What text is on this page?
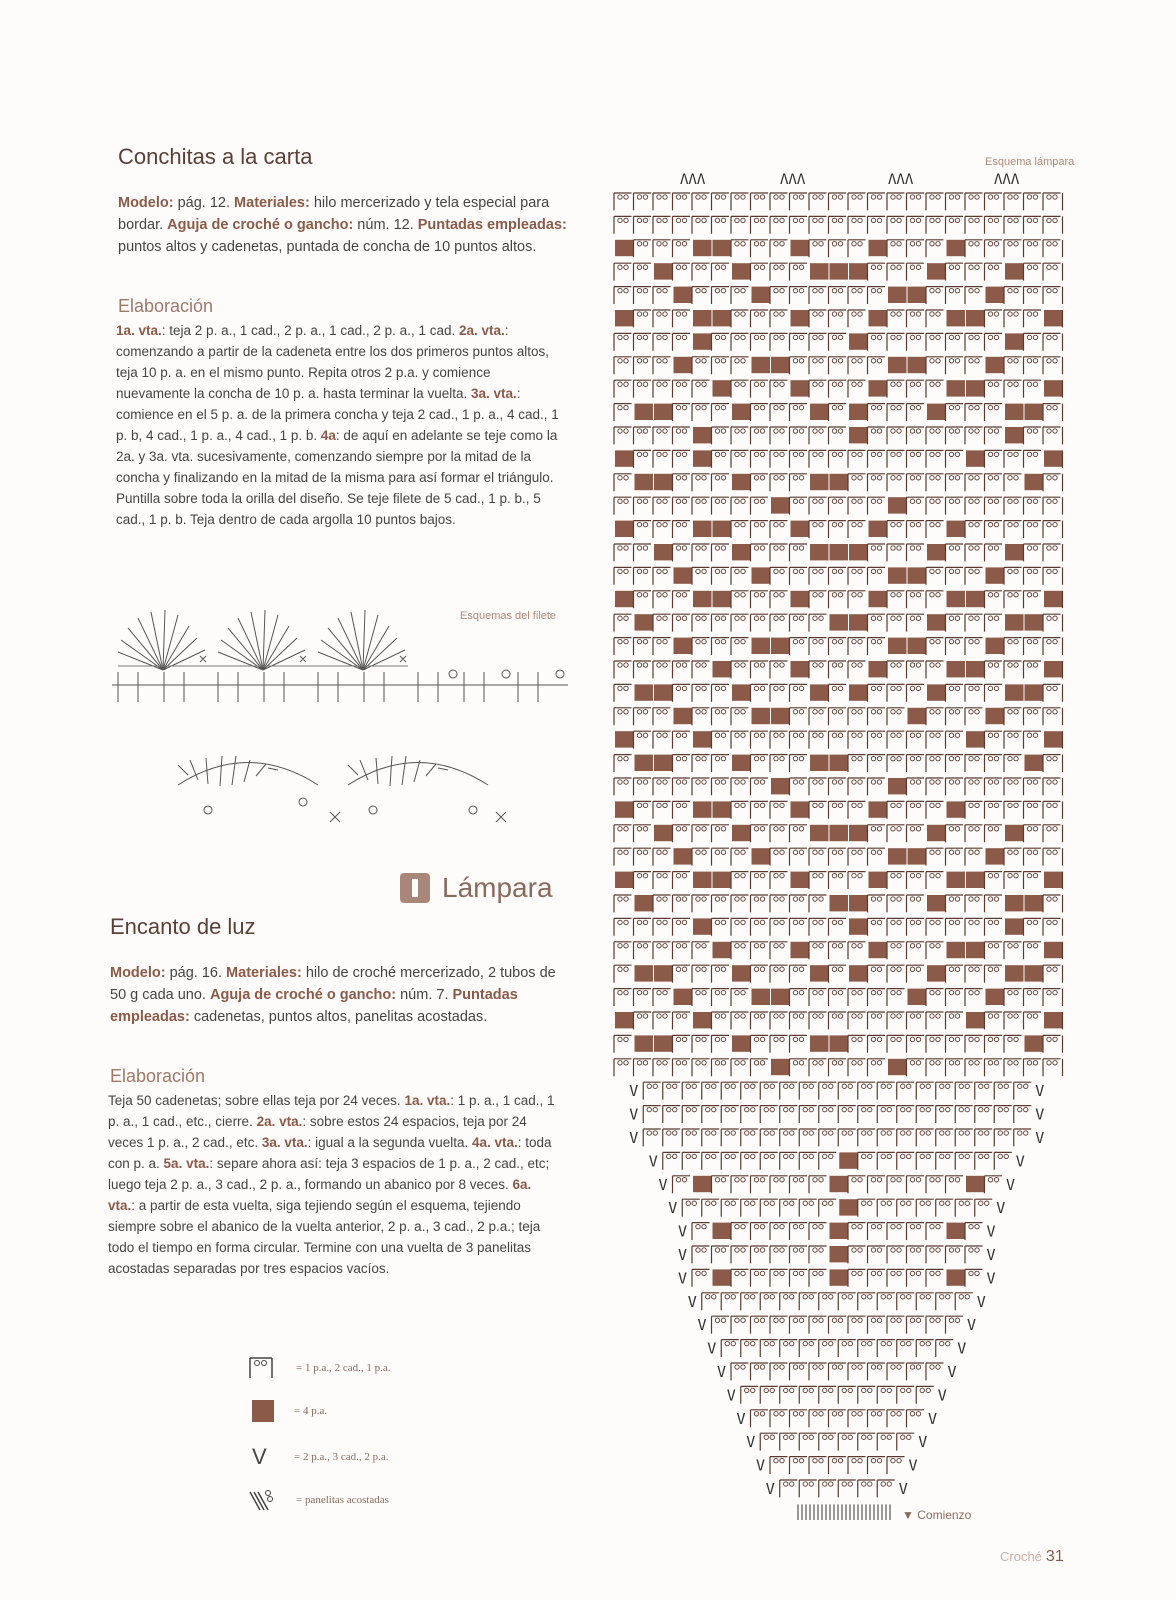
Conchitas a la carta
Modelo: pág. 12. Materiales: hilo mercerizado y tela especial para bordar. Aguja de croché o gancho: núm. 12. Puntadas empleadas: puntos altos y cadenetas, puntada de concha de 10 puntos altos.
Elaboración
1a. vta.: teja 2 p. a., 1 cad., 2 p. a., 1 cad., 2 p. a., 1 cad. 2a. vta.: comenzando a partir de la cadeneta entre los dos primeros puntos altos, teja 10 p. a. en el mismo punto. Repita otros 2 p.a. y comience nuevamente la concha de 10 p. a. hasta terminar la vuelta. 3a. vta.: comience en el 5 p. a. de la primera concha y teja 2 cad., 1 p. a., 4 cad., 1 p. b, 4 cad., 1 p. a., 4 cad., 1 p. b. 4a: de aquí en adelante se teje como la 2a. y 3a. vta. sucesivamente, comenzando siempre por la mitad de la concha y finalizando en la mitad de la misma para así formar el triángulo.
Puntilla sobre toda la orilla del diseño. Se teje filete de 5 cad., 1 p. b., 5 cad., 1 p. b. Teja dentro de cada argolla 10 puntos bajos.
Esquemas del filete
Lámpara
Encanto de luz
Modelo: pág. 16. Materiales: hilo de croché mercerizado, 2 tubos de 50 g cada uno. Aguja de croché o gancho: núm. 7. Puntadas empleadas: cadenetas, puntos altos, panelitas acostadas.
Elaboración
Teja 50 cadenetas; sobre ellas teja por 24 veces. 1a. vta.: 1 p. a., 1 cad., 1 p. a., 1 cad., etc., cierre. 2a. vta.: sobre estos 24 espacios, teja por 24 veces 1 p. a., 2 cad., etc. 3a. vta.: igual a la segunda vuelta. 4a. vta.: toda con p. a. 5a. vta.: separe ahora así: teja 3 espacios de 1 p. a., 2 cad., etc; luego teja 2 p. a., 3 cad., 2 p. a., formando un abanico por 8 veces. 6a. vta.: a partir de esta vuelta, siga tejiendo según el esquema, tejiendo siempre sobre el abanico de la vuelta anterior, 2 p. a., 3 cad., 2 p.a.; teja todo el tiempo en forma circular. Termine con una vuelta de 3 panelitas acostadas separadas por tres espacios vacíos.
= 1 p.a., 2 cad., 1 p.a.
= 4 p.a.
V	= 2 p.a., 3 cad., 2 p.a.
= panelitas acostadas
Esquema lámpara
ΛΛΛ	ΛΛΛ	ΛΛΛ	ΛΛΛ
V	V
V	V
V	V
V	V
V	V
V	V
V	V
V	V
V	V
V	V
V	V
V	V
V	V
V	V
V	V
V	V
V	V
V	V
▼ Comienzo
Croché 31
